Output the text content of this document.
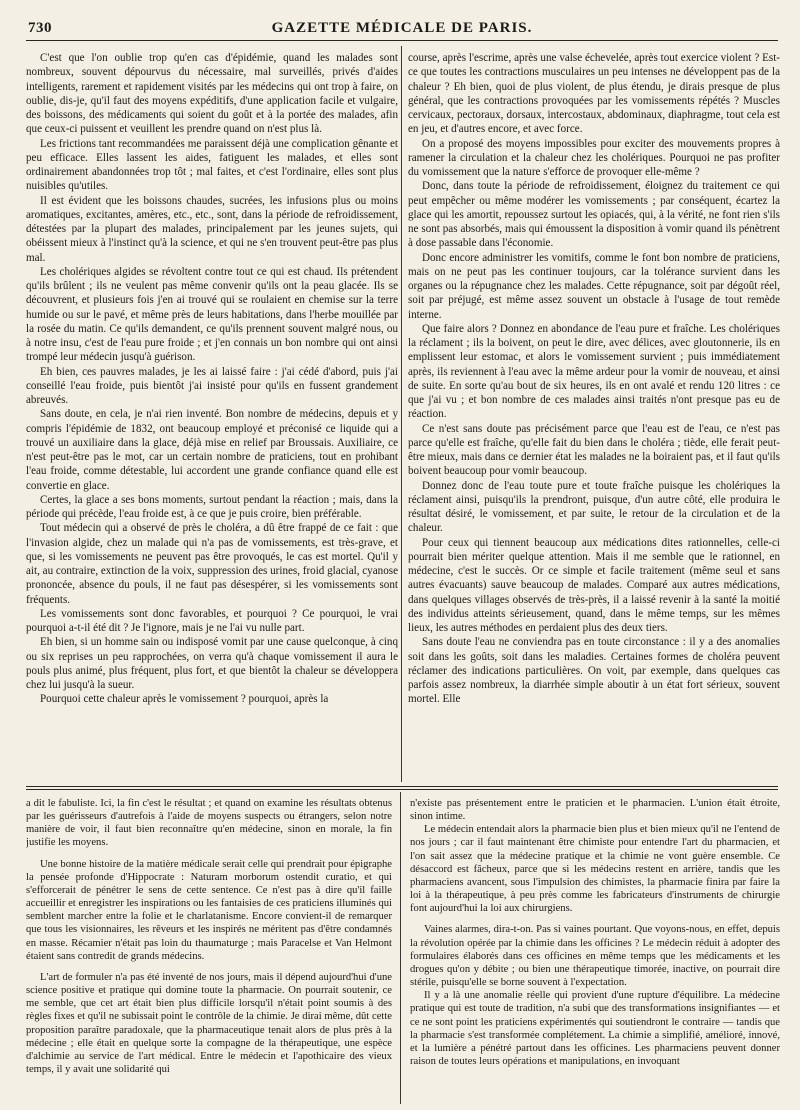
730	GAZETTE MÉDICALE DE PARIS.

C'est que l'on oublie trop qu'en cas d'épidémie, quand les malades sont nombreux, souvent dépourvus du nécessaire, mal surveillés, privés d'aides intelligents, rarement et rapidement visités par les médecins qui ont trop à faire, on oublie, dis-je, qu'il faut des moyens expéditifs, d'une application facile et vulgaire, des boissons, des médicaments qui soient du goût et à la portée des malades, afin que ceux-ci puissent et veuillent les prendre quand on n'est plus là.

Les frictions tant recommandées me paraissent déjà une complication gênante et peu efficace. Elles lassent les aides, fatiguent les malades, et elles sont ordinairement abandonnées trop tôt ; mal faites, et c'est l'ordinaire, elles sont plus nuisibles qu'utiles.

Il est évident que les boissons chaudes, sucrées, les infusions plus ou moins aromatiques, excitantes, amères, etc., etc., sont, dans la période de refroidissement, détestées par la plupart des malades, principalement par les jeunes sujets, qui obéissent mieux à l'instinct qu'à la science, et qui ne s'en trouvent peut-être pas plus mal.

Les cholériques algides se révoltent contre tout ce qui est chaud. Ils prétendent qu'ils brûlent ; ils ne veulent pas même convenir qu'ils ont la peau glacée. Ils se découvrent, et plusieurs fois j'en ai trouvé qui se roulaient en chemise sur la terre humide ou sur le pavé, et même près de leurs habitations, dans l'herbe mouillée par la rosée du matin. Ce qu'ils demandent, ce qu'ils prennent souvent malgré nous, ou à notre insu, c'est de l'eau pure froide ; et j'en connais un bon nombre qui ont ainsi trompé leur médecin jusqu'à guérison.

Eh bien, ces pauvres malades, je les ai laissé faire : j'ai cédé d'abord, puis j'ai conseillé l'eau froide, puis bientôt j'ai insisté pour qu'ils en fussent grandement abreuvés.

Sans doute, en cela, je n'ai rien inventé. Bon nombre de médecins, depuis et y compris l'épidémie de 1832, ont beaucoup employé et préconisé ce liquide qui a trouvé un auxiliaire dans la glace, déjà mise en relief par Broussais. Auxiliaire, ce n'est peut-être pas le mot, car un certain nombre de praticiens, tout en prohibant l'eau froide, comme détestable, lui accordent une grande confiance quand elle est convertie en glace.

Certes, la glace a ses bons moments, surtout pendant la réaction ; mais, dans la période qui précède, l'eau froide est, à ce que je puis croire, bien préférable.

Tout médecin qui a observé de près le choléra, a dû être frappé de ce fait : que l'invasion algide, chez un malade qui n'a pas de vomissements, est très-grave, et que, si les vomissements ne peuvent pas être provoqués, le cas est mortel. Qu'il y ait, au contraire, extinction de la voix, suppression des urines, froid glacial, cyanose prononcée, absence du pouls, il ne faut pas désespérer, si les vomissements sont fréquents.

Les vomissements sont donc favorables, et pourquoi ? Ce pourquoi, le vrai pourquoi a-t-il été dit ? Je l'ignore, mais je ne l'ai vu nulle part.

Eh bien, si un homme sain ou indisposé vomit par une cause quelconque, à cinq ou six reprises un peu rapprochées, on verra qu'à chaque vomissement il aura le pouls plus animé, plus fréquent, plus fort, et que bientôt la chaleur se développera chez lui jusqu'à la sueur.

Pourquoi cette chaleur après le vomissement ? pourquoi, après la

course, après l'escrime, après une valse échevelée, après tout exercice violent ? Est-ce que toutes les contractions musculaires un peu intenses ne développent pas de la chaleur ? Eh bien, quoi de plus violent, de plus étendu, je dirais presque de plus général, que les contractions provoquées par les vomissements répétés ? Muscles cervicaux, pectoraux, dorsaux, intercostaux, abdominaux, diaphragme, tout cela est en jeu, et d'autres encore, et avec force.

On a proposé des moyens impossibles pour exciter des mouvements propres à ramener la circulation et la chaleur chez les cholériques. Pourquoi ne pas profiter du vomissement que la nature s'efforce de provoquer elle-même ?

Donc, dans toute la période de refroidissement, éloignez du traitement ce qui peut empêcher ou même modérer les vomissements ; par conséquent, écartez la glace qui les amortit, repoussez surtout les opiacés, qui, à la vérité, ne font rien s'ils ne sont pas absorbés, mais qui émoussent la disposition à vomir quand ils pénètrent à dose passable dans l'économie.

Donc encore administrer les vomitifs, comme le font bon nombre de praticiens, mais on ne peut pas les continuer toujours, car la tolérance survient dans les organes ou la répugnance chez les malades. Cette répugnance, soit par dégoût réel, soit par préjugé, est même assez souvent un obstacle à l'usage de tout remède interne.

Que faire alors ? Donnez en abondance de l'eau pure et fraîche. Les cholériques la réclament ; ils la boivent, on peut le dire, avec délices, avec gloutonnerie, ils en emplissent leur estomac, et alors le vomissement survient ; puis immédiatement après, ils reviennent à l'eau avec la même ardeur pour la vomir de nouveau, et ainsi de suite. En sorte qu'au bout de six heures, ils en ont avalé et rendu 120 litres : ce que j'ai vu ; et bon nombre de ces malades ainsi traités n'ont presque pas eu de réaction.

Ce n'est sans doute pas précisément parce que l'eau est de l'eau, ce n'est pas parce qu'elle est fraîche, qu'elle fait du bien dans le choléra ; tiède, elle ferait peut-être mieux, mais dans ce dernier état les malades ne la boiraient pas, et il faut qu'ils boivent beaucoup pour vomir beaucoup.

Donnez donc de l'eau toute pure et toute fraîche puisque les cholériques la réclament ainsi, puisqu'ils la prendront, puisque, d'un autre côté, elle produira le résultat désiré, le vomissement, et par suite, le retour de la circulation et de la chaleur.

Pour ceux qui tiennent beaucoup aux médications dites rationnelles, celle-ci pourrait bien mériter quelque attention. Mais il me semble que le rationnel, en médecine, c'est le succès. Or ce simple et facile traitement (même seul et sans autres évacuants) sauve beaucoup de malades. Comparé aux autres médications, dans quelques villages observés de très-près, il a laissé revenir à la santé la moitié des individus atteints sérieusement, quand, dans le même temps, sur les mêmes lieux, les autres méthodes en perdaient plus des deux tiers.

Sans doute l'eau ne conviendra pas en toute circonstance : il y a des anomalies soit dans les goûts, soit dans les maladies. Certaines formes de choléra peuvent réclamer des indications particulières. On voit, par exemple, dans quelques cas parfois assez nombreux, la diarrhée simple aboutir à un état fort sérieux, souvent mortel. Elle

a dit le fabuliste. Ici, la fin c'est le résultat ; et quand on examine les résultats obtenus par les guérisseurs d'autrefois à l'aide de moyens suspects ou étrangers, selon notre manière de voir, il faut bien reconnaître qu'en médecine, sinon en morale, la fin justifie les moyens.

Une bonne histoire de la matière médicale serait celle qui prendrait pour épigraphe la pensée profonde d'Hippocrate : Naturam morborum ostendit curatio, et qui s'efforcerait de pénétrer le sens de cette sentence. Ce n'est pas à dire qu'il faille accueillir et enregistrer les inspirations ou les fantaisies de ces praticiens illuminés qui semblent marcher entre la folie et le charlatanisme. Encore convient-il de remarquer que tous les visionnaires, les rêveurs et les inspirés ne méritent pas d'être condamnés en masse. Récamier n'était pas loin du thaumaturge ; mais Paracelse et Van Helmont étaient sans contredit de grands médecins.

L'art de formuler n'a pas été inventé de nos jours, mais il dépend aujourd'hui d'une science positive et pratique qui domine toute la pharmacie. On pourrait soutenir, ce me semble, que cet art était bien plus difficile lorsqu'il n'était point soumis à des règles fixes et qu'il ne subissait point le contrôle de la chimie. Je dirai même, dût cette proposition paraître paradoxale, que la pharmaceutique tenait alors de plus près à la médecine ; elle était en quelque sorte la compagne de la thérapeutique, une espèce d'alchimie au service de l'art médical. Entre le médecin et l'apothicaire des vieux temps, il y avait une solidarité qui

n'existe pas présentement entre le praticien et le pharmacien. L'union était étroite, sinon intime.

Le médecin entendait alors la pharmacie bien plus et bien mieux qu'il ne l'entend de nos jours ; car il faut maintenant être chimiste pour entendre l'art du pharmacien, et l'on sait assez que la médecine pratique et la chimie ne vont guère ensemble. Ce désaccord est fâcheux, parce que si les médecins restent en arrière, tandis que les pharmaciens avancent, sous l'impulsion des chimistes, la pharmacie finira par faire la loi à la thérapeutique, à peu près comme les fabricateurs d'instruments de chirurgie font aujourd'hui la loi aux chirurgiens.

Vaines alarmes, dira-t-on. Pas si vaines pourtant. Que voyons-nous, en effet, depuis la révolution opérée par la chimie dans les officines ? Le médecin réduit à adopter des formulaires élaborés dans ces officines en même temps que les médicaments et les drogues qu'on y débite ; ou bien une thérapeutique timorée, inactive, on pourrait dire stérile, puisqu'elle se borne souvent à l'expectation.

Il y a là une anomalie réelle qui provient d'une rupture d'équilibre. La médecine pratique qui est toute de tradition, n'a subi que des transformations insignifiantes — et ce ne sont point les praticiens expérimentés qui soutiendront le contraire — tandis que la pharmacie s'est transformée complétement. La chimie a simplifié, amélioré, innové, et la lumière a pénétré partout dans les officines. Les pharmaciens peuvent donner raison de toutes leurs opérations et manipulations, en invoquant
